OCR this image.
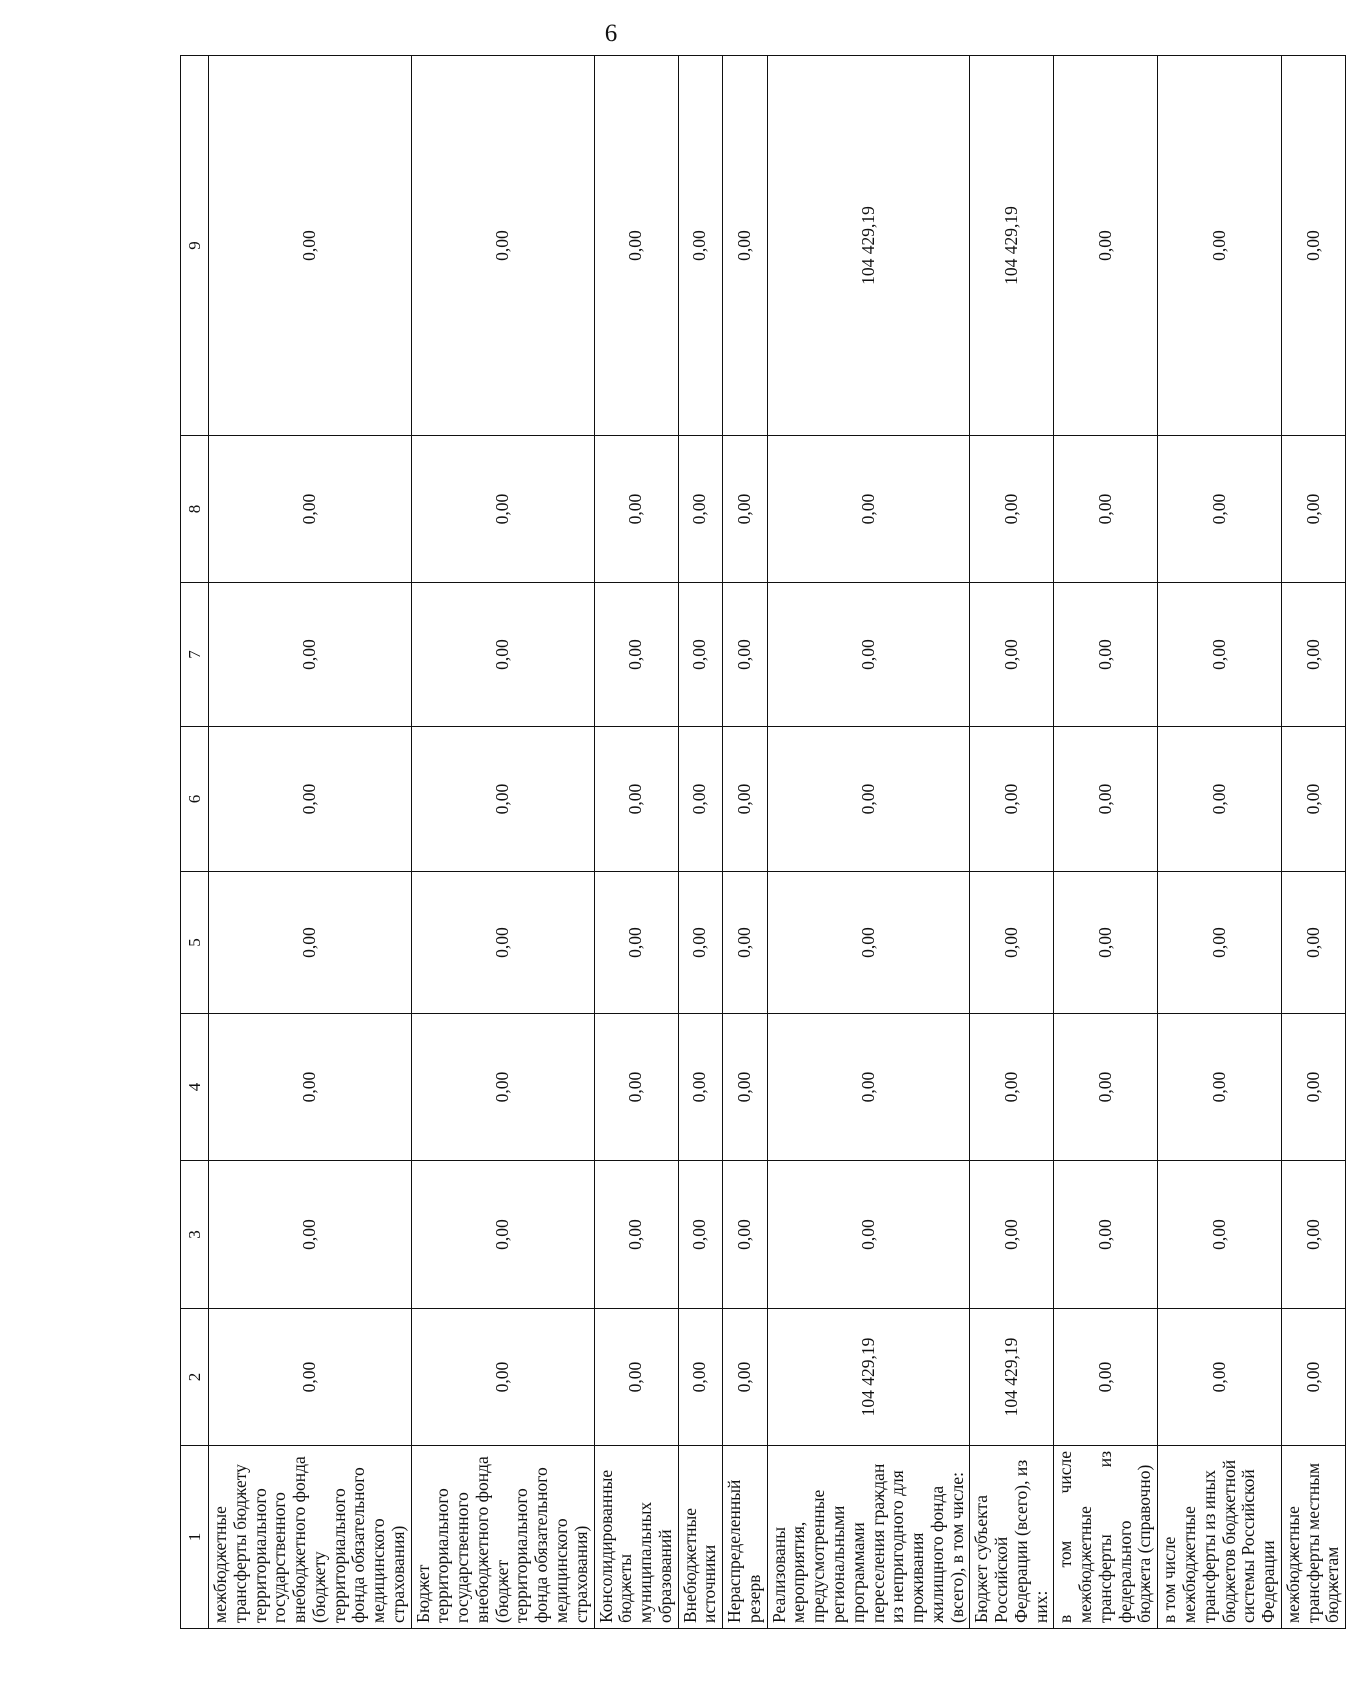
6
1	2	3	4	5	6	7	8	9
межбюджетные трансферты бюджету территориального государственного внебюджетного фонда (бюджету территориального фонда обязательного медицинского страхования)	0,00	0,00	0,00	0,00	0,00	0,00	0,00	0,00
Бюджет территориального государственного внебюджетного фонда (бюджет территориального фонда обязательного медицинского страхования)	0,00	0,00	0,00	0,00	0,00	0,00	0,00	0,00
Консолидированные бюджеты муниципальных образований	0,00	0,00	0,00	0,00	0,00	0,00	0,00	0,00
Внебюджетные источники	0,00	0,00	0,00	0,00	0,00	0,00	0,00	0,00
Нераспределенный резерв	0,00	0,00	0,00	0,00	0,00	0,00	0,00	0,00
Реализованы мероприятия, предусмотренные региональными программами переселения граждан из непригодного для проживания жилищного фонда (всего), в том числе:	104 429,19	0,00	0,00	0,00	0,00	0,00	0,00	104 429,19
Бюджет субъекта Российской Федерации (всего), из них:	104 429,19	0,00	0,00	0,00	0,00	0,00	0,00	104 429,19
в том числе межбюджетные трансферты из федерального бюджета (справочно)	0,00	0,00	0,00	0,00	0,00	0,00	0,00	0,00
в том числе межбюджетные трансферты из иных бюджетов бюджетной системы Российской Федерации	0,00	0,00	0,00	0,00	0,00	0,00	0,00	0,00
межбюджетные трансферты местным бюджетам	0,00	0,00	0,00	0,00	0,00	0,00	0,00	0,00
